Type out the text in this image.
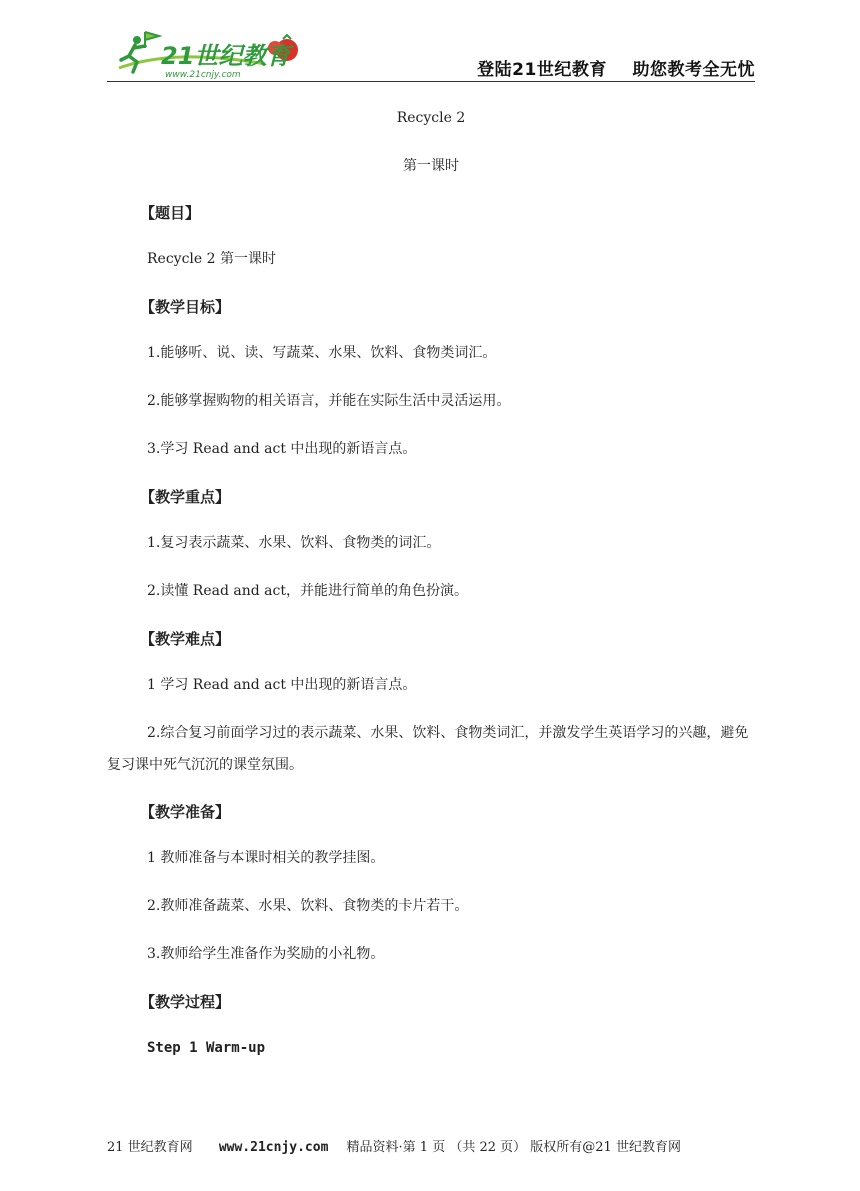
21世纪教育
www.21cnjy.com	登陆21世纪教育    助您教考全无忧
Recycle 2
第一课时
【题目】
Recycle 2 第一课时
【教学目标】
1.能够听、说、读、写蔬菜、水果、饮料、食物类词汇。
2.能够掌握购物的相关语言，并能在实际生活中灵活运用。
3.学习 Read and act 中出现的新语言点。
【教学重点】
1.复习表示蔬菜、水果、饮料、食物类的词汇。
2.读懂 Read and act，并能进行简单的角色扮演。
【教学难点】
1 学习 Read and act 中出现的新语言点。
2.综合复习前面学习过的表示蔬菜、水果、饮料、食物类词汇，并激发学生英语学习的兴趣，避免复习课中死气沉沉的课堂氛围。
【教学准备】
1 教师准备与本课时相关的教学挂图。
2.教师准备蔬菜、水果、饮料、食物类的卡片若干。
3.教师给学生准备作为奖励的小礼物。
【教学过程】
Step 1 Warm-up
21 世纪教育网 www.21cnjy.com 精品资料·第 1 页 （共 22 页） 版权所有@21 世纪教育网
